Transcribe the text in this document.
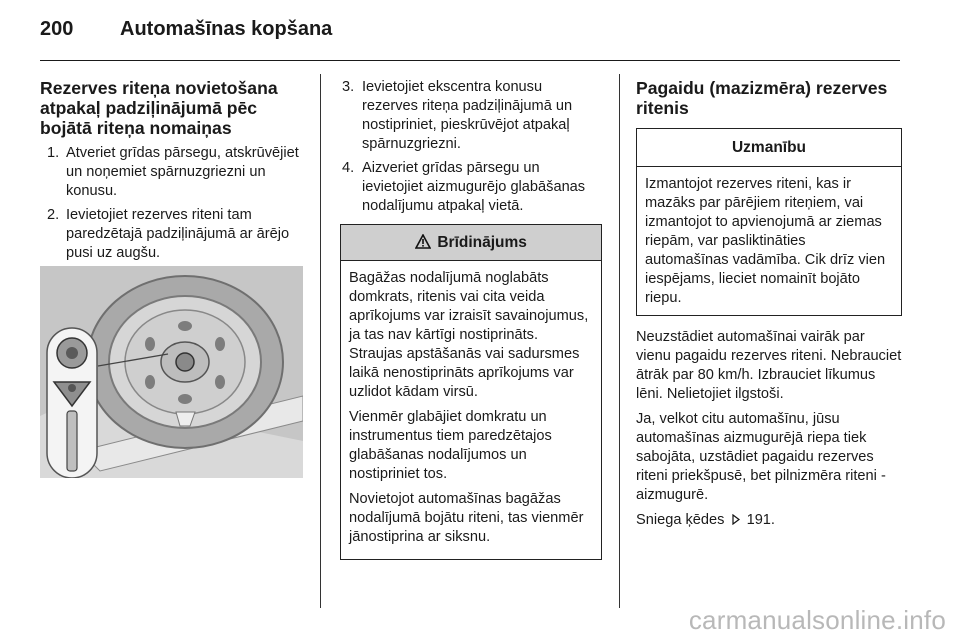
200 Automašīnas kopšana
Rezerves riteņa novietošana atpakaļ padziļinājumā pēc bojātā riteņa nomaiņas
1. Atveriet grīdas pārsegu, atskrūvējiet un noņemiet spārnuzgriezni un konusu.
2. Ievietojiet rezerves riteni tam paredzētajā padziļinājumā ar ārējo pusi uz augšu.
3. Ievietojiet ekscentra konusu rezerves riteņa padziļinājumā un nostipriniet, pieskrūvējot atpakaļ spārnuzgriezni.
4. Aizveriet grīdas pārsegu un ievietojiet aizmugurējo glabāšanas nodalījumu atpakaļ vietā.
Brīdinājums

Bagāžas nodalījumā noglabāts domkrats, ritenis vai cita veida aprīkojums var izraisīt savainojumus, ja tas nav kārtīgi nostiprināts. Straujas apstāšanās vai sadursmes laikā nenostiprināts aprīkojums var uzlidot kādam virsū.

Vienmēr glabājiet domkratu un instrumentus tiem paredzētajos glabāšanas nodalījumos un nostipriniet tos.

Novietojot automašīnas bagāžas nodalījumā bojātu riteni, tas vienmēr jānostiprina ar siksnu.

Pagaidu (mazizmēra) rezerves ritenis
Uzmanību
Izmantojot rezerves riteni, kas ir mazāks par pārējiem riteņiem, vai izmantojot to apvienojumā ar ziemas riepām, var pasliktināties automašīnas vadāmība. Cik drīz vien iespējams, lieciet nomainīt bojāto riepu.

Neuzstādiet automašīnai vairāk par vienu pagaidu rezerves riteni. Nebrauciet ātrāk par 80 km/h. Izbrauciet līkumus lēni. Nelietojiet ilgstoši.

Ja, velkot citu automašīnu, jūsu automašīnas aizmugurējā riepa tiek sabojāta, uzstādiet pagaidu rezerves riteni priekšpusē, bet pilnizmēra riteni - aizmugurē.

Sniega ķēdes 191.

carmanualsonline.info
